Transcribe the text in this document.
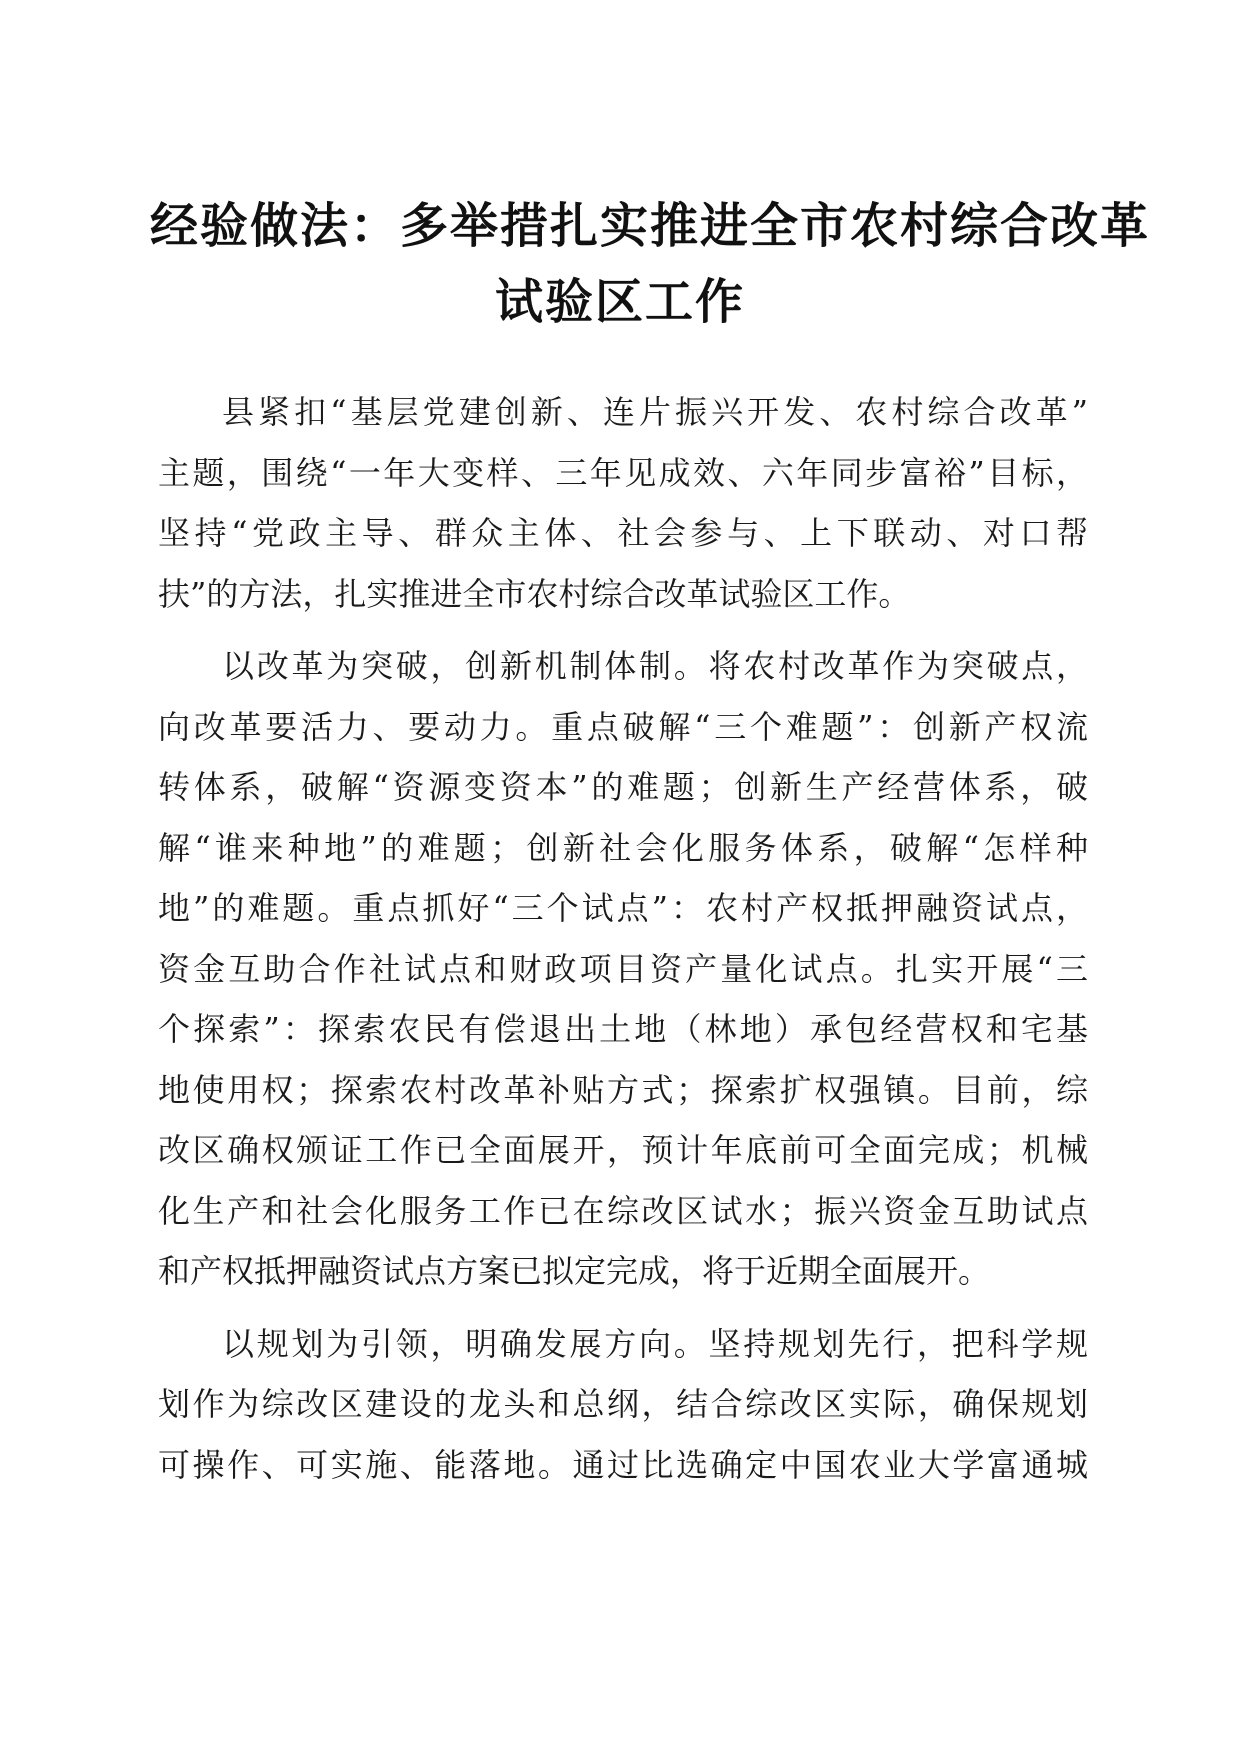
经验做法：多举措扎实推进全市农村综合改革
试验区工作
县紧扣“基层党建创新、连片振兴开发、农村综合改革”
主题，围绕“一年大变样、三年见成效、六年同步富裕”目标，
坚持“党政主导、群众主体、社会参与、上下联动、对口帮
扶”的方法，扎实推进全市农村综合改革试验区工作。
以改革为突破，创新机制体制。将农村改革作为突破点，
向改革要活力、要动力。重点破解“三个难题”：创新产权流
转体系，破解“资源变资本”的难题；创新生产经营体系，破
解“谁来种地”的难题；创新社会化服务体系，破解“怎样种
地”的难题。重点抓好“三个试点”：农村产权抵押融资试点，
资金互助合作社试点和财政项目资产量化试点。扎实开展“三
个探索”：探索农民有偿退出土地（林地）承包经营权和宅基
地使用权；探索农村改革补贴方式；探索扩权强镇。目前，综
改区确权颁证工作已全面展开，预计年底前可全面完成；机械
化生产和社会化服务工作已在综改区试水；振兴资金互助试点
和产权抵押融资试点方案已拟定完成，将于近期全面展开。
以规划为引领，明确发展方向。坚持规划先行，把科学规
划作为综改区建设的龙头和总纲，结合综改区实际，确保规划
可操作、可实施、能落地。通过比选确定中国农业大学富通城
